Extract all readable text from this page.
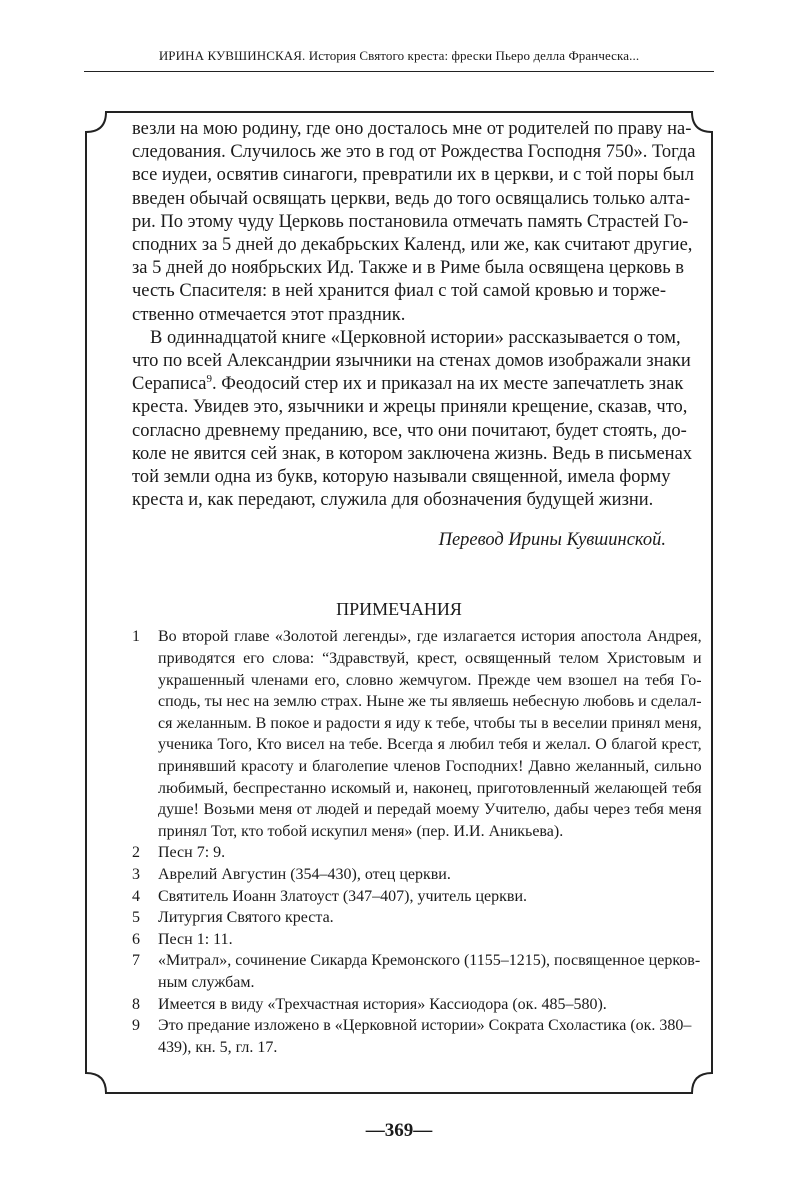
ИРИНА КУВШИНСКАЯ. История Святого креста: фрески Пьеро делла Франческа...
везли на мою родину, где оно досталось мне от родителей по праву на-
следования. Случилось же это в год от Рождества Господня 750». Тогда
все иудеи, освятив синагоги, превратили их в церкви, и с той поры был
введен обычай освящать церкви, ведь до того освящались только алта-
ри. По этому чуду Церковь постановила отмечать память Страстей Го-
сподних за 5 дней до декабрьских Календ, или же, как считают другие,
за 5 дней до ноябрьских Ид. Также и в Риме была освящена церковь в
честь Спасителя: в ней хранится фиал с той самой кровью и торже-
ственно отмечается этот праздник.
В одиннадцатой книге «Церковной истории» рассказывается о том,
что по всей Александрии язычники на стенах домов изображали знаки
Сераписа$^9$. Феодосий стер их и приказал на их месте запечатлеть знак
креста. Увидев это, язычники и жрецы приняли крещение, сказав, что,
согласно древнему преданию, все, что они почитают, будет стоять, до-
коле не явится сей знак, в котором заключена жизнь. Ведь в письменах
той земли одна из букв, которую называли священной, имела форму
креста и, как передают, служила для обозначения будущей жизни.
Перевод Ирины Кувшинской.
ПРИМЕЧАНИЯ
1	Во второй главе «Золотой легенды», где излагается история апостола Андрея,
приводятся его слова: “Здравствуй, крест, освященный телом Христовым и
украшенный членами его, словно жемчугом. Прежде чем взошел на тебя Го-
сподь, ты нес на землю страх. Ныне же ты являешь небесную любовь и сделал-
ся желанным. В покое и радости я иду к тебе, чтобы ты в веселии принял меня,
ученика Того, Кто висел на тебе. Всегда я любил тебя и желал. О благой крест,
принявший красоту и благолепие членов Господних! Давно желанный, сильно
любимый, беспрестанно искомый и, наконец, приготовленный желающей тебя
душе! Возьми меня от людей и передай моему Учителю, дабы через тебя меня
принял Тот, кто тобой искупил меня» (пер. И.И. Аникьева).
2	Песн 7: 9.
3	Аврелий Августин (354–430), отец церкви.
4	Святитель Иоанн Златоуст (347–407), учитель церкви.
5	Литургия Святого креста.
6	Песн 1: 11.
7	«Митрал», сочинение Сикарда Кремонского (1155–1215), посвященное церков-
ным службам.
8	Имеется в виду «Трехчастная история» Кассиодора (ок. 485–580).
9	Это предание изложено в «Церковной истории» Сократа Схоластика (ок. 380–
439), кн. 5, гл. 17.
—369—
